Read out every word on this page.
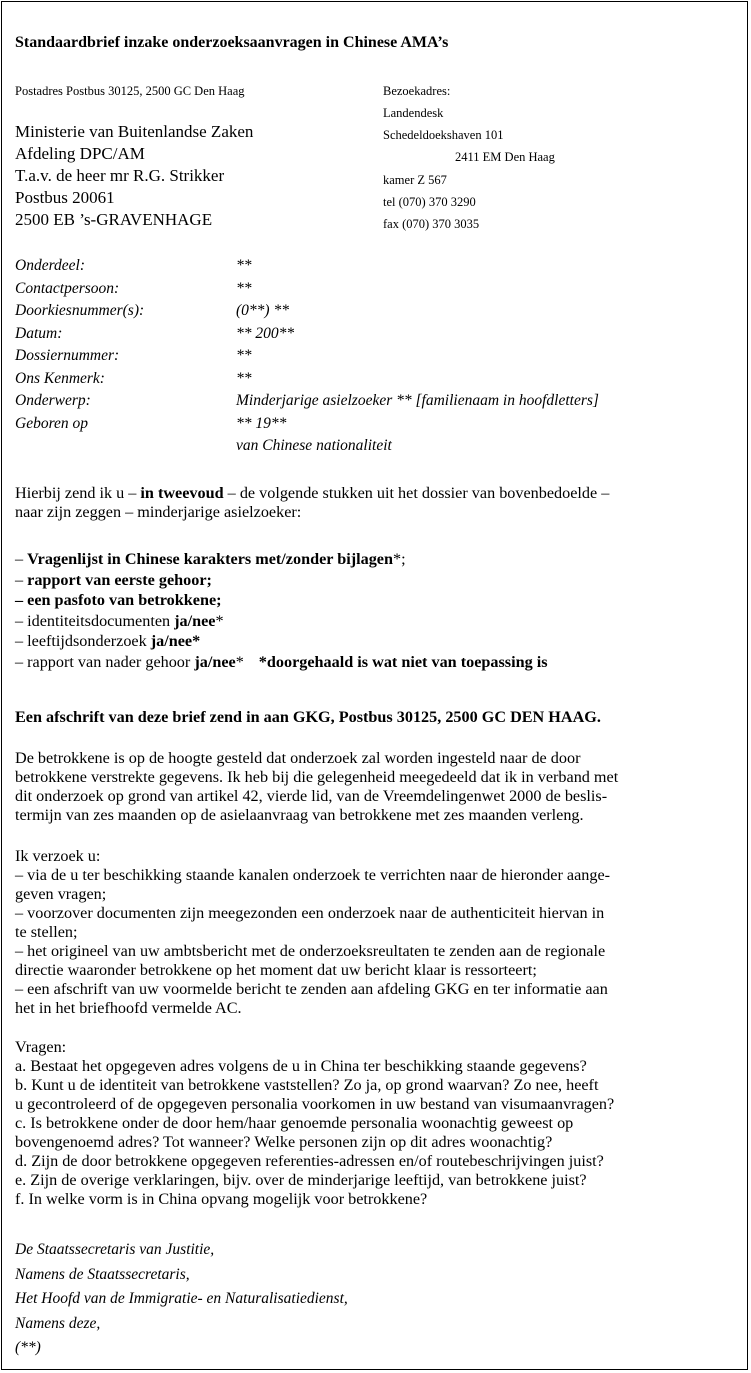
Standaardbrief inzake onderzoeksaanvragen in Chinese AMA’s
Postadres Postbus 30125, 2500 GC Den Haag	Bezoekadres:
Landendesk
Schedeldoekshaven 101
2411 EM Den Haag
kamer Z 567
tel (070) 370 3290
fax (070) 370 3035
Ministerie van Buitenlandse Zaken
Afdeling DPC/AM
T.a.v. de heer mr R.G. Strikker
Postbus 20061
2500 EB ’s-GRAVENHAGE
Onderdeel:	**
Contactpersoon:	**
Doorkiesnummer(s):	(0**) **
Datum:	** 200**
Dossiernummer:	**
Ons Kenmerk:	**
Onderwerp:	Minderjarige asielzoeker ** [familienaam in hoofdletters]
Geboren op	** 19**
van Chinese nationaliteit
Hierbij zend ik u – in tweevoud – de volgende stukken uit het dossier van bovenbedoelde –
naar zijn zeggen – minderjarige asielzoeker:
– Vragenlijst in Chinese karakters met/zonder bijlagen*;
– rapport van eerste gehoor;
– een pasfoto van betrokkene;
– identiteitsdocumenten ja/nee*
– leeftijdsonderzoek ja/nee*
– rapport van nader gehoor ja/nee* *doorgehaald is wat niet van toepassing is
Een afschrift van deze brief zend in aan GKG, Postbus 30125, 2500 GC DEN HAAG.
De betrokkene is op de hoogte gesteld dat onderzoek zal worden ingesteld naar de door
betrokkene verstrekte gegevens. Ik heb bij die gelegenheid meegedeeld dat ik in verband met
dit onderzoek op grond van artikel 42, vierde lid, van de Vreemdelingenwet 2000 de beslis-
termijn van zes maanden op de asielaanvraag van betrokkene met zes maanden verleng.
Ik verzoek u:
– via de u ter beschikking staande kanalen onderzoek te verrichten naar de hieronder aange-
geven vragen;
– voorzover documenten zijn meegezonden een onderzoek naar de authenticiteit hiervan in
te stellen;
– het origineel van uw ambtsbericht met de onderzoeksreultaten te zenden aan de regionale
directie waaronder betrokkene op het moment dat uw bericht klaar is ressorteert;
– een afschrift van uw voormelde bericht te zenden aan afdeling GKG en ter informatie aan
het in het briefhoofd vermelde AC.
Vragen:
a. Bestaat het opgegeven adres volgens de u in China ter beschikking staande gegevens?
b. Kunt u de identiteit van betrokkene vaststellen? Zo ja, op grond waarvan? Zo nee, heeft
u gecontroleerd of de opgegeven personalia voorkomen in uw bestand van visumaanvragen?
c. Is betrokkene onder de door hem/haar genoemde personalia woonachtig geweest op
bovengenoemd adres? Tot wanneer? Welke personen zijn op dit adres woonachtig?
d. Zijn de door betrokkene opgegeven referenties-adressen en/of routebeschrijvingen juist?
e. Zijn de overige verklaringen, bijv. over de minderjarige leeftijd, van betrokkene juist?
f. In welke vorm is in China opvang mogelijk voor betrokkene?
De Staatssecretaris van Justitie,
Namens de Staatssecretaris,
Het Hoofd van de Immigratie- en Naturalisatiedienst,
Namens deze,
(**)
